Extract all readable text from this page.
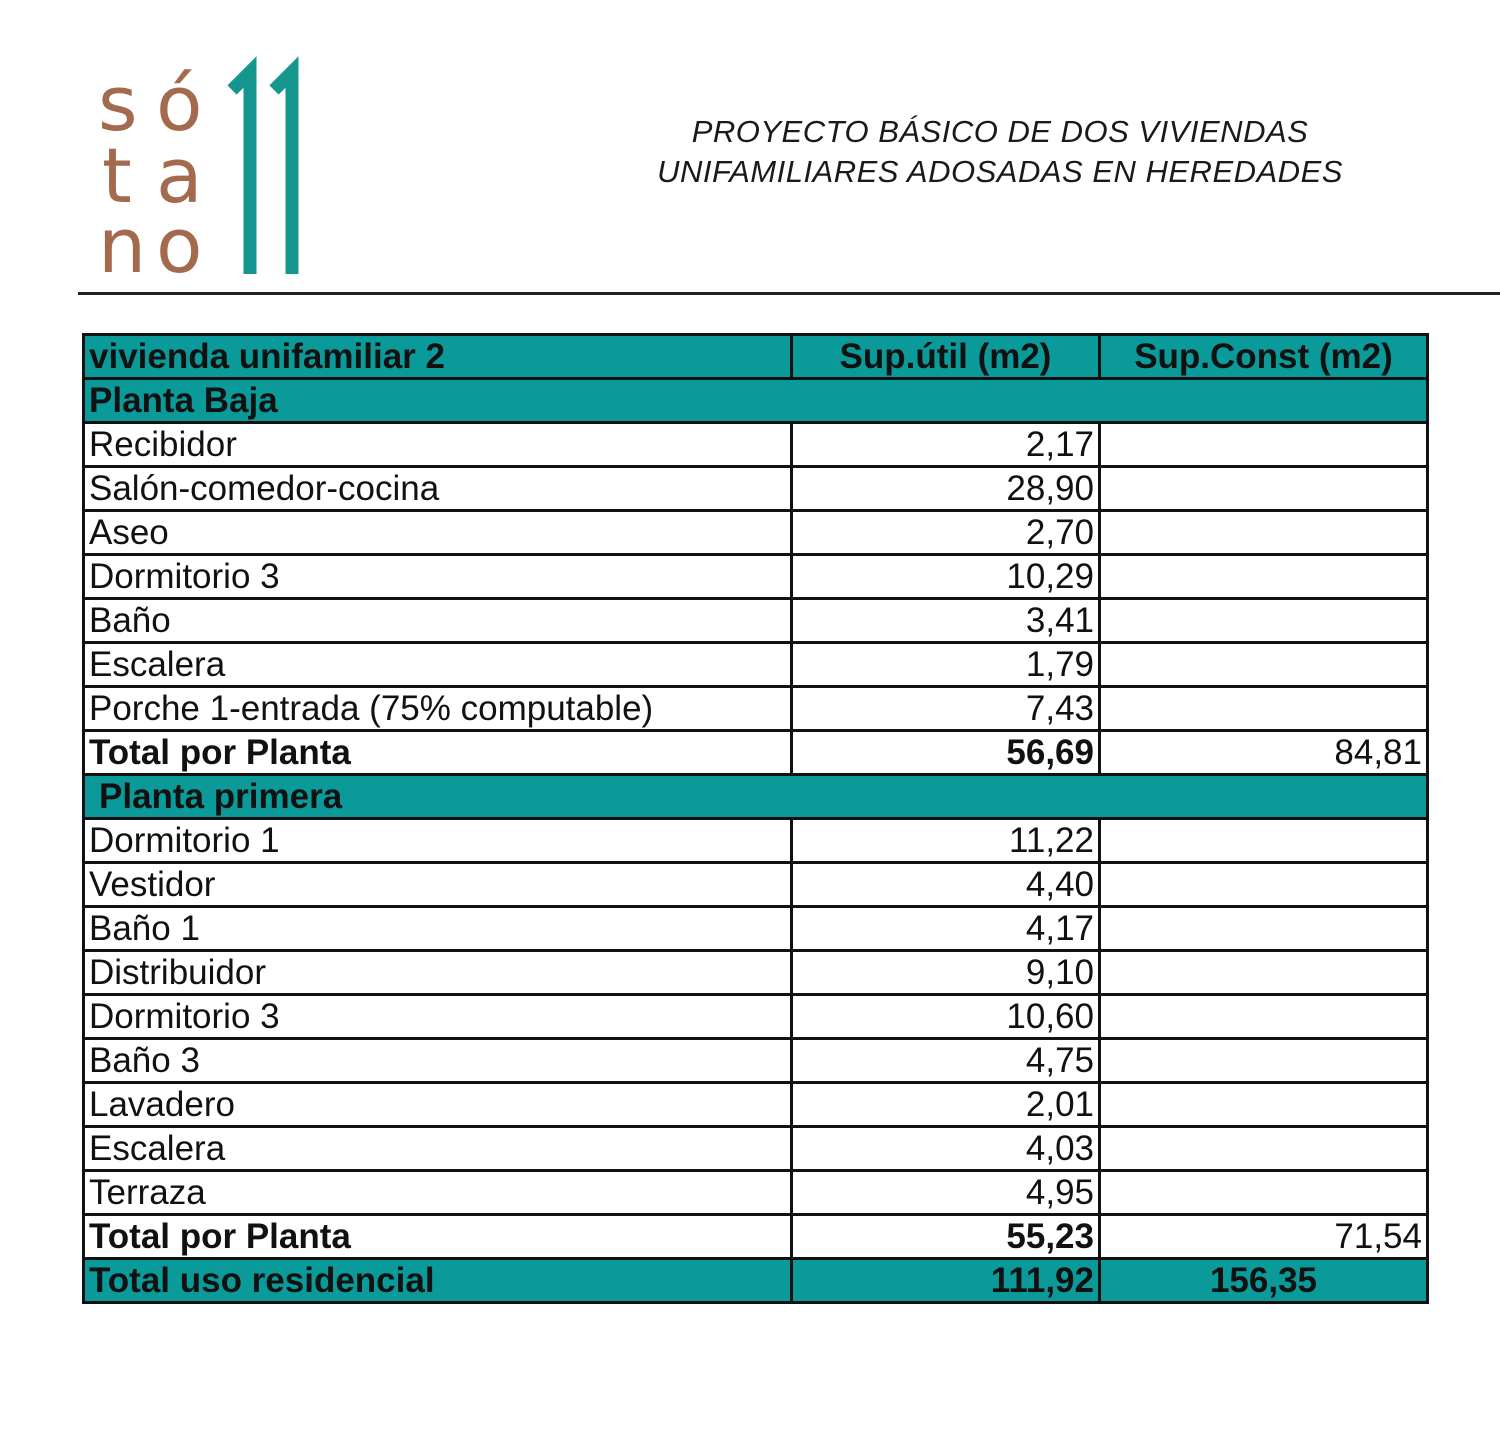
s ó
t a
n o
PROYECTO BÁSICO DE DOS VIVIENDAS
UNIFAMILIARES ADOSADAS EN HEREDADES
vivienda unifamiliar 2	Sup.útil (m2)	Sup.Const (m2)
Planta Baja		
Recibidor	2,17	
Salón-comedor-cocina	28,90	
Aseo	2,70	
Dormitorio 3	10,29	
Baño	3,41	
Escalera	1,79	
Porche 1-entrada (75% computable)	7,43	
Total por Planta	56,69	84,81
Planta primera		
Dormitorio 1	11,22	
Vestidor	4,40	
Baño 1	4,17	
Distribuidor	9,10	
Dormitorio 3	10,60	
Baño 3	4,75	
Lavadero	2,01	
Escalera	4,03	
Terraza	4,95	
Total por Planta	55,23	71,54
Total uso residencial	111,92	156,35
